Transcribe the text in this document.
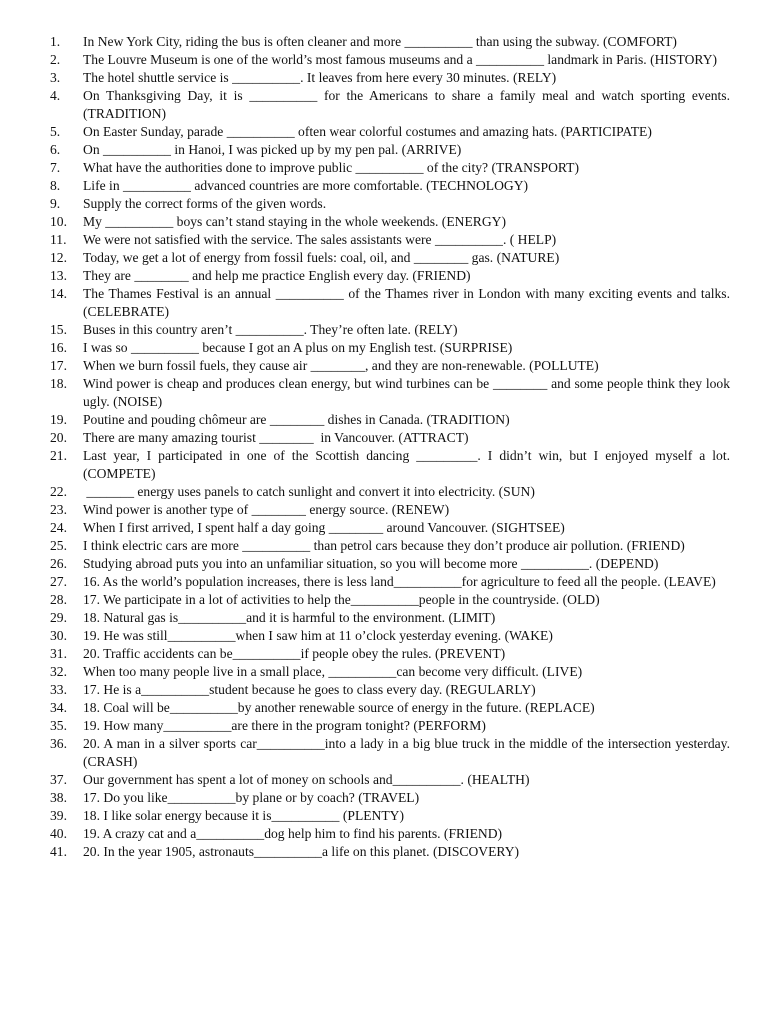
1.	In New York City, riding the bus is often cleaner and more __________ than using the subway. (COMFORT)
2.	The Louvre Museum is one of the world’s most famous museums and a __________ landmark in Paris. (HISTORY)
3.	The hotel shuttle service is __________. It leaves from here every 30 minutes. (RELY)
4.	On Thanksgiving Day, it is __________ for the Americans to share a family meal and watch sporting events. (TRADITION)
5.	On Easter Sunday, parade __________ often wear colorful costumes and amazing hats. (PARTICIPATE)
6.	On __________ in Hanoi, I was picked up by my pen pal. (ARRIVE)
7.	What have the authorities done to improve public __________ of the city? (TRANSPORT)
8.	Life in __________ advanced countries are more comfortable. (TECHNOLOGY)
9.	Supply the correct forms of the given words.
10.	My __________ boys can’t stand staying in the whole weekends. (ENERGY)
11.	We were not satisfied with the service. The sales assistants were __________. ( HELP)
12.	Today, we get a lot of energy from fossil fuels: coal, oil, and ________ gas. (NATURE)
13.	They are ________ and help me practice English every day. (FRIEND)
14.	The Thames Festival is an annual __________ of the Thames river in London with many exciting events and talks. (CELEBRATE)
15.	Buses in this country aren’t __________. They’re often late. (RELY)
16.	I was so __________ because I got an A plus on my English test. (SURPRISE)
17.	When we burn fossil fuels, they cause air ________, and they are non-renewable. (POLLUTE)
18.	Wind power is cheap and produces clean energy, but wind turbines can be ________ and some people think they look ugly. (NOISE)
19.	Poutine and pouding chômeur are ________ dishes in Canada. (TRADITION)
20.	There are many amazing tourist ________  in Vancouver. (ATTRACT)
21.	Last year, I participated in one of the Scottish dancing _________. I didn’t win, but I enjoyed myself a lot. (COMPETE)
22.	_______ energy uses panels to catch sunlight and convert it into electricity. (SUN)
23.	Wind power is another type of ________ energy source. (RENEW)
24.	When I first arrived, I spent half a day going ________ around Vancouver. (SIGHTSEE)
25.	I think electric cars are more __________ than petrol cars because they don’t produce air pollution. (FRIEND)
26.	Studying abroad puts you into an unfamiliar situation, so you will become more __________. (DEPEND)
27.	16. As the world’s population increases, there is less land__________for agriculture to feed all the people. (LEAVE)
28.	17. We participate in a lot of activities to help the__________people in the countryside. (OLD)
29.	18. Natural gas is__________and it is harmful to the environment. (LIMIT)
30.	19. He was still__________when I saw him at 11 o’clock yesterday evening. (WAKE)
31.	20. Traffic accidents can be__________if people obey the rules. (PREVENT)
32.	When too many people live in a small place, __________can become very difficult. (LIVE)
33.	17. He is a__________student because he goes to class every day. (REGULARLY)
34.	18. Coal will be__________by another renewable source of energy in the future. (REPLACE)
35.	19. How many__________are there in the program tonight? (PERFORM)
36.	20. A man in a silver sports car__________into a lady in a big blue truck in the middle of the intersection yesterday. (CRASH)
37.	Our government has spent a lot of money on schools and__________. (HEALTH)
38.	17. Do you like__________by plane or by coach? (TRAVEL)
39.	18. I like solar energy because it is__________ (PLENTY)
40.	19. A crazy cat and a__________dog help him to find his parents. (FRIEND)
41.	20. In the year 1905, astronauts__________a life on this planet. (DISCOVERY)
